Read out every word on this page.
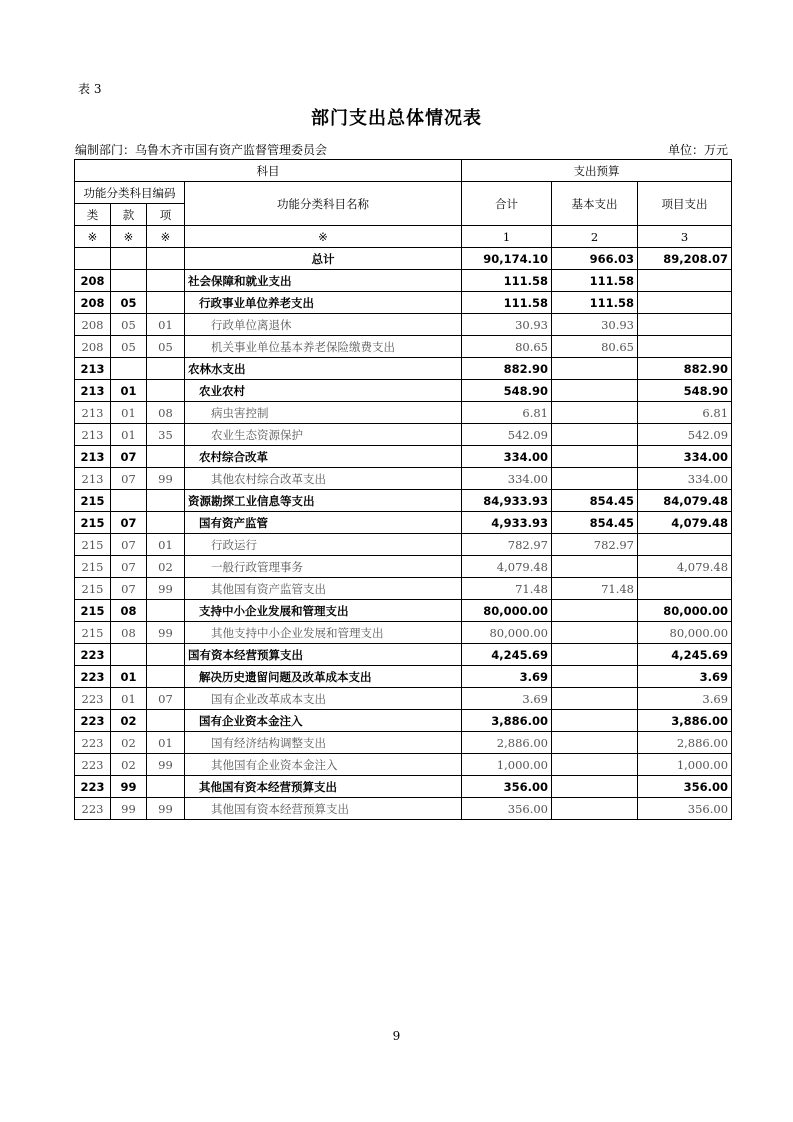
表 3
部门支出总体情况表
编制部门：乌鲁木齐市国有资产监督管理委员会	单位：万元
科目				支出预算		
功能分类科目编码			功能分类科目名称	合计	基本支出	项目支出
类	款	项				
※	※	※	※	1	2	3
			总计	90,174.10	966.03	89,208.07
208			社会保障和就业支出	111.58	111.58	
208	05		行政事业单位养老支出	111.58	111.58	
208	05	01	行政单位离退休	30.93	30.93	
208	05	05	机关事业单位基本养老保险缴费支出	80.65	80.65	
213			农林水支出	882.90		882.90
213	01		农业农村	548.90		548.90
213	01	08	病虫害控制	6.81		6.81
213	01	35	农业生态资源保护	542.09		542.09
213	07		农村综合改革	334.00		334.00
213	07	99	其他农村综合改革支出	334.00		334.00
215			资源勘探工业信息等支出	84,933.93	854.45	84,079.48
215	07		国有资产监管	4,933.93	854.45	4,079.48
215	07	01	行政运行	782.97	782.97	
215	07	02	一般行政管理事务	4,079.48		4,079.48
215	07	99	其他国有资产监管支出	71.48	71.48	
215	08		支持中小企业发展和管理支出	80,000.00		80,000.00
215	08	99	其他支持中小企业发展和管理支出	80,000.00		80,000.00
223			国有资本经营预算支出	4,245.69		4,245.69
223	01		解决历史遗留问题及改革成本支出	3.69		3.69
223	01	07	国有企业改革成本支出	3.69		3.69
223	02		国有企业资本金注入	3,886.00		3,886.00
223	02	01	国有经济结构调整支出	2,886.00		2,886.00
223	02	99	其他国有企业资本金注入	1,000.00		1,000.00
223	99		其他国有资本经营预算支出	356.00		356.00
223	99	99	其他国有资本经营预算支出	356.00		356.00
9
